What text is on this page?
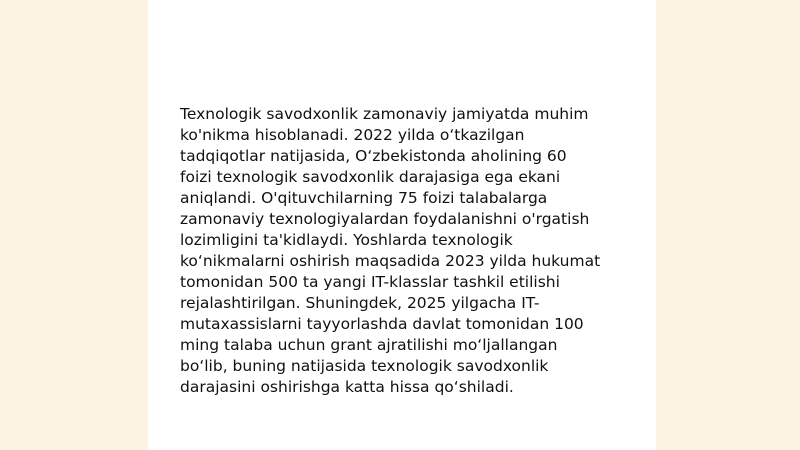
Texnologik savodxonlik zamonaviy jamiyatda muhim
ko'nikma hisoblanadi. 2022 yilda o‘tkazilgan
tadqiqotlar natijasida, O‘zbekistonda aholining 60
foizi texnologik savodxonlik darajasiga ega ekani
aniqlandi. O'qituvchilarning 75 foizi talabalarga
zamonaviy texnologiyalardan foydalanishni o'rgatish
lozimligini ta'kidlaydi. Yoshlarda texnologik
ko‘nikmalarni oshirish maqsadida 2023 yilda hukumat
tomonidan 500 ta yangi IT-klasslar tashkil etilishi
rejalashtirilgan. Shuningdek, 2025 yilgacha IT-
mutaxassislarni tayyorlashda davlat tomonidan 100
ming talaba uchun grant ajratilishi mo‘ljallangan
bo‘lib, buning natijasida texnologik savodxonlik
darajasini oshirishga katta hissa qo‘shiladi.
